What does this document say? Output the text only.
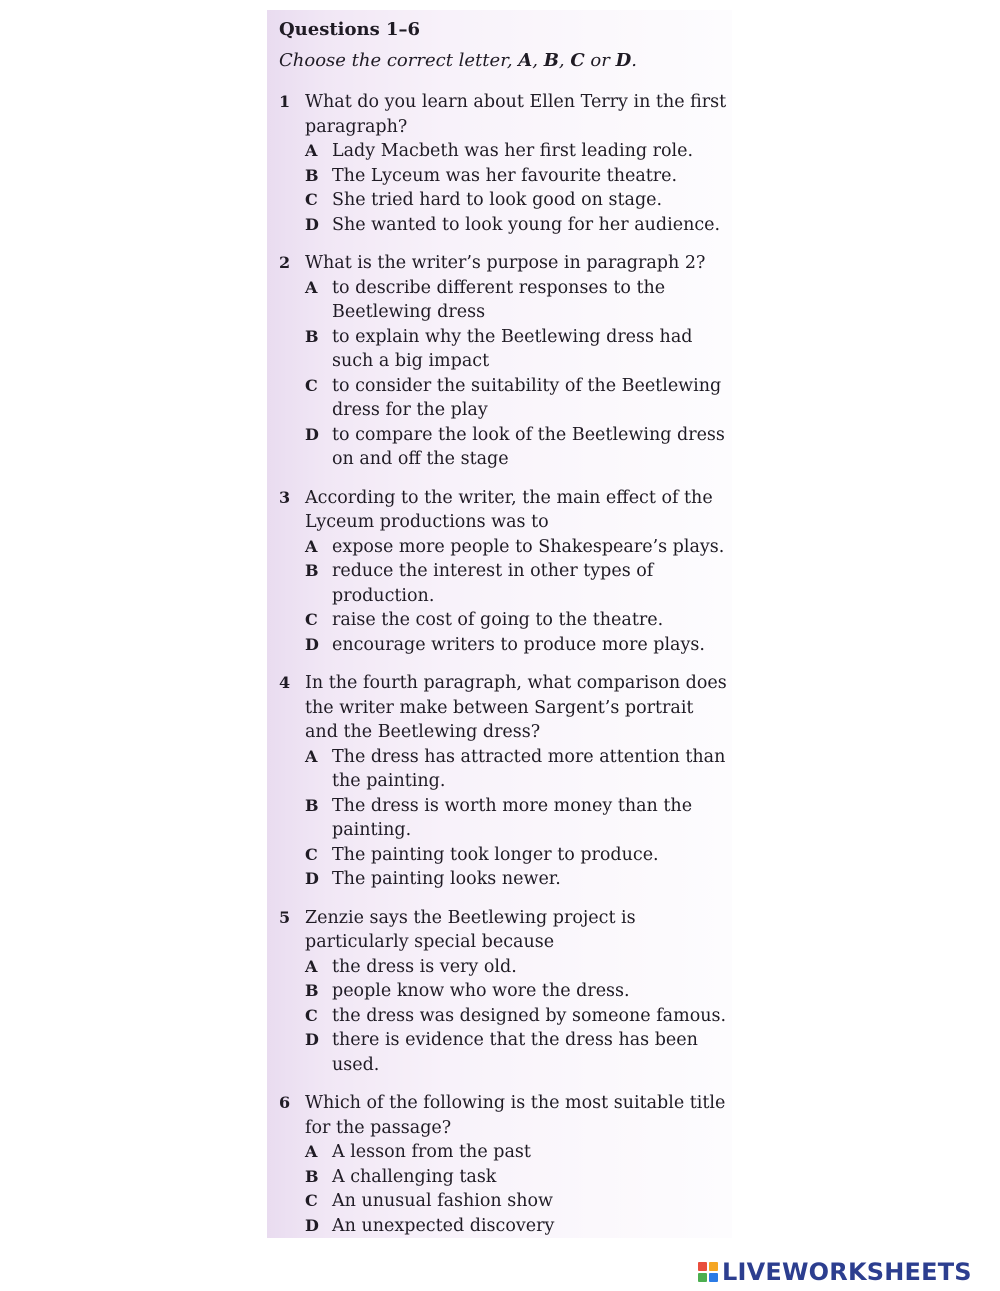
Questions 1–6

Choose the correct letter, A, B, C or D.

1 What do you learn about Ellen Terry in the first paragraph?
A Lady Macbeth was her first leading role.
B The Lyceum was her favourite theatre.
C She tried hard to look good on stage.
D She wanted to look young for her audience.
2 What is the writer’s purpose in paragraph 2?
A to describe different responses to the Beetlewing dress
B to explain why the Beetlewing dress had such a big impact
C to consider the suitability of the Beetlewing dress for the play
D to compare the look of the Beetlewing dress on and off the stage
3 According to the writer, the main effect of the Lyceum productions was to
A expose more people to Shakespeare’s plays.
B reduce the interest in other types of production.
C raise the cost of going to the theatre.
D encourage writers to produce more plays.
4 In the fourth paragraph, what comparison does the writer make between Sargent’s portrait and the Beetlewing dress?
A The dress has attracted more attention than the painting.
B The dress is worth more money than the painting.
C The painting took longer to produce.
D The painting looks newer.
5 Zenzie says the Beetlewing project is particularly special because
A the dress is very old.
B people know who wore the dress.
C the dress was designed by someone famous.
D there is evidence that the dress has been used.
6 Which of the following is the most suitable title for the passage?
A A lesson from the past
B A challenging task
C An unusual fashion show
D An unexpected discovery
LIVEWORKSHEETS
